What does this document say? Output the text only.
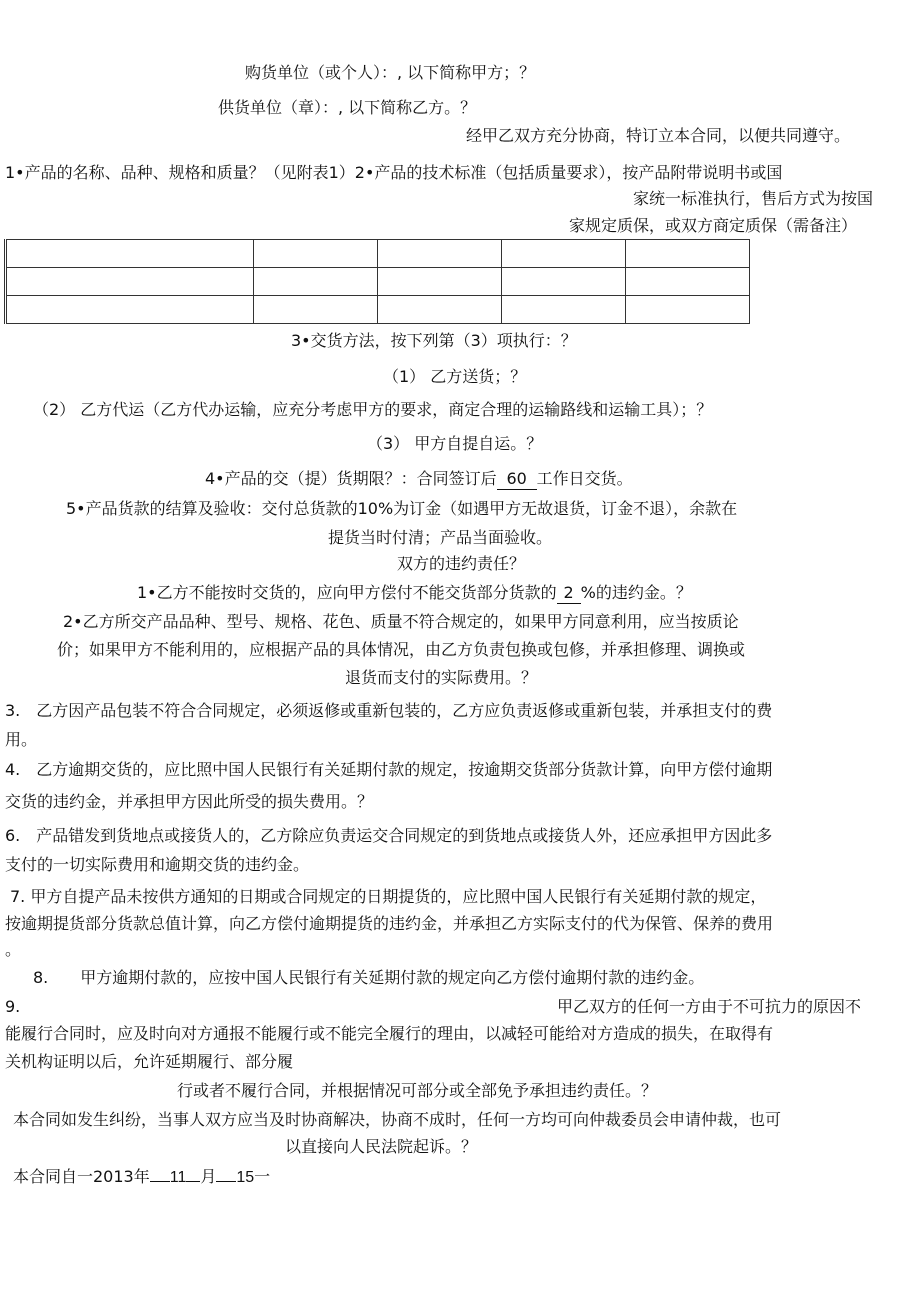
购货单位（或个人）：, 以下简称甲方；？
供货单位（章）：, 以下简称乙方。？
经甲乙双方充分协商，特订立本合同，以便共同遵守。
1•产品的名称、品种、规格和质量？（见附表1）2•产品的技术标准（包括质量要求），按产品附带说明书或国
家统一标准执行，售后方式为按国
家规定质保，或双方商定质保（需备注）

3•交货方法，按下列第（3）项执行：？
（1） 乙方送货；？
（2） 乙方代运（乙方代办运输，应充分考虑甲方的要求，商定合理的运输路线和运输工具）；？
（3） 甲方自提自运。？
4•产品的交（提）货期限？：合同签订后 60 工作日交货。
5•产品货款的结算及验收：交付总货款的10%为订金（如遇甲方无故退货，订金不退），余款在
提货当时付清；产品当面验收。
双方的违约责任？
1•乙方不能按时交货的，应向甲方偿付不能交货部分货款的 2 %的违约金。？
2•乙方所交产品品种、型号、规格、花色、质量不符合规定的，如果甲方同意利用，应当按质论
价；如果甲方不能利用的，应根据产品的具体情况，由乙方负责包换或包修，并承担修理、调换或
退货而支付的实际费用。？
3.　乙方因产品包装不符合合同规定，必须返修或重新包装的，乙方应负责返修或重新包装，并承担支付的费
用。
4.　乙方逾期交货的，应比照中国人民银行有关延期付款的规定，按逾期交货部分货款计算，向甲方偿付逾期
交货的违约金，并承担甲方因此所受的损失费用。？
6.　产品错发到货地点或接货人的，乙方除应负责运交合同规定的到货地点或接货人外，还应承担甲方因此多
支付的一切实际费用和逾期交货的违约金。
7. 甲方自提产品未按供方通知的日期或合同规定的日期提货的，应比照中国人民银行有关延期付款的规定，
按逾期提货部分货款总值计算，向乙方偿付逾期提货的违约金，并承担乙方实际支付的代为保管、保养的费用
。
8.　　甲方逾期付款的，应按中国人民银行有关延期付款的规定向乙方偿付逾期付款的违约金。
9.	甲乙双方的任何一方由于不可抗力的原因不
能履行合同时，应及时向对方通报不能履行或不能完全履行的理由，以减轻可能给对方造成的损失，在取得有
关机构证明以后，允许延期履行、部分履
行或者不履行合同，并根据情况可部分或全部免予承担违约责任。？
本合同如发生纠纷，当事人双方应当及时协商解决，协商不成时，任何一方均可向仲裁委员会申请仲裁，也可
以直接向人民法院起诉。？
本合同自一2013年 11 月 15一
